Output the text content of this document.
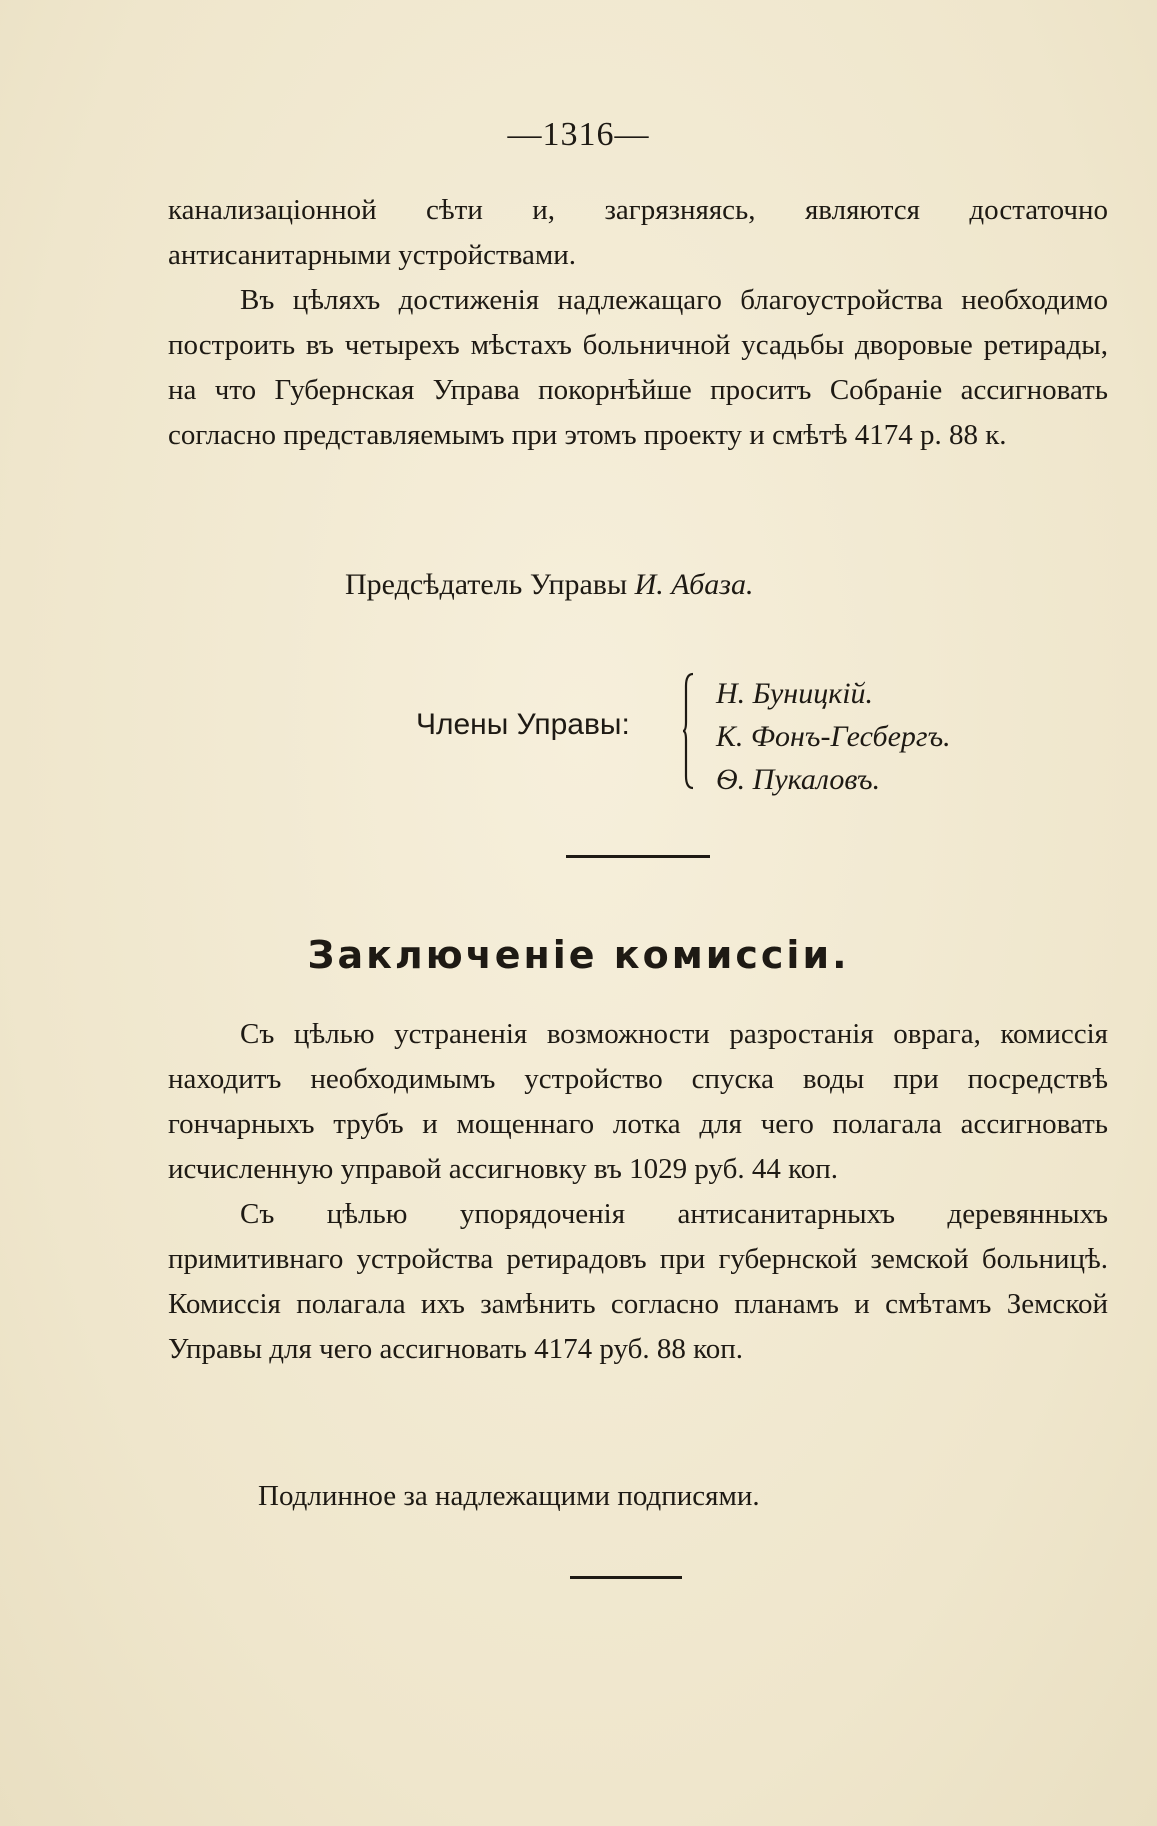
—1316—

канализацiонной сѣти и, загрязняясь, являются достаточно антисанитарными устройствами.

Въ цѣляхъ достиженiя надлежащаго благоустройства необходимо построить въ четырехъ мѣстахъ больничной усадьбы дворовые ретирады, на что Губернская Управа покорнѣйше проситъ Собранiе ассигновать согласно представляемымъ при этомъ проекту и смѣтѣ 4174 р. 88 к.

Предсѣдатель Управы И. Абаза.
Члены Управы:
Н. Буницкiй.
К. Фонъ-Гесбергъ.
Ѳ. Пукаловъ.
Заключенiе комиссiи.

Съ цѣлью устраненiя возможности разростанiя оврага, комиссiя находитъ необходимымъ устройство спуска воды при посредствѣ гончарныхъ трубъ и мощеннаго лотка для чего полагала ассигновать исчисленную управой ассигновку въ 1029 руб. 44 коп.

Съ цѣлью упорядоченiя антисанитарныхъ деревянныхъ примитивнаго устройства ретирадовъ при губернской земской больницѣ. Комиссiя полагала ихъ замѣнить согласно планамъ и смѣтамъ Земской Управы для чего ассигновать 4174 руб. 88 коп.

Подлинное за надлежащими подписями.
